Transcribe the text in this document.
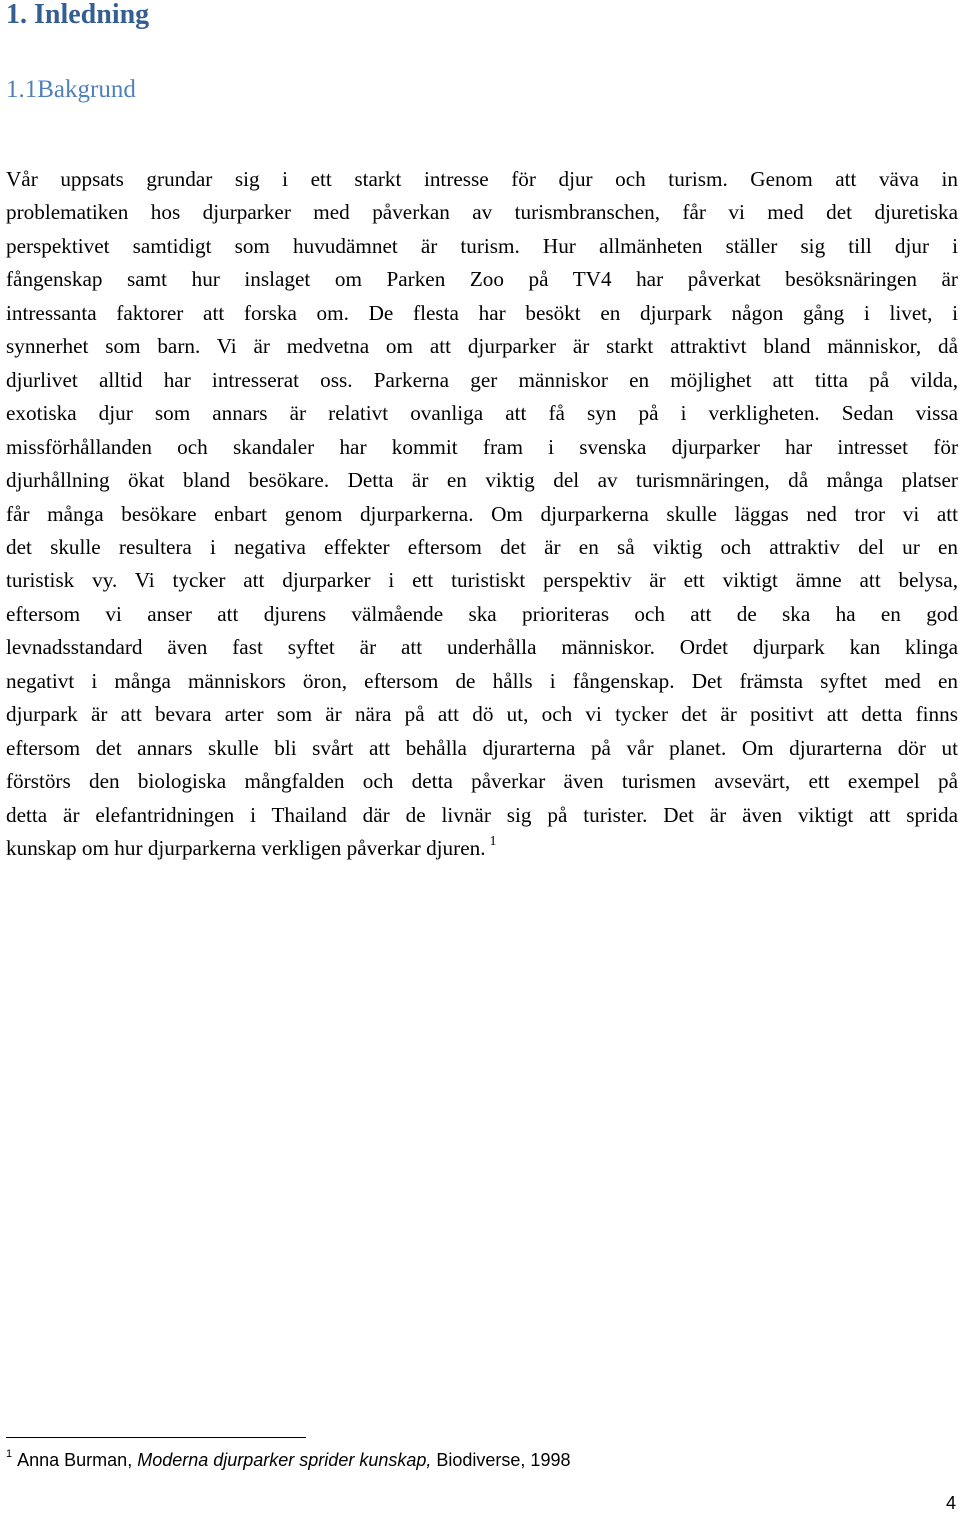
1. Inledning
1.1Bakgrund
Vår uppsats grundar sig i ett starkt intresse för djur och turism. Genom att väva in
problematiken hos djurparker med påverkan av turismbranschen, får vi med det djuretiska
perspektivet samtidigt som huvudämnet är turism. Hur allmänheten ställer sig till djur i
fångenskap samt hur inslaget om Parken Zoo på TV4 har påverkat besöksnäringen är
intressanta faktorer att forska om. De flesta har besökt en djurpark någon gång i livet, i
synnerhet som barn. Vi är medvetna om att djurparker är starkt attraktivt bland människor, då
djurlivet alltid har intresserat oss. Parkerna ger människor en möjlighet att titta på vilda,
exotiska djur som annars är relativt ovanliga att få syn på i verkligheten. Sedan vissa
missförhållanden och skandaler har kommit fram i svenska djurparker har intresset för
djurhållning ökat bland besökare. Detta är en viktig del av turismnäringen, då många platser
får många besökare enbart genom djurparkerna. Om djurparkerna skulle läggas ned tror vi att
det skulle resultera i negativa effekter eftersom det är en så viktig och attraktiv del ur en
turistisk vy. Vi tycker att djurparker i ett turistiskt perspektiv är ett viktigt ämne att belysa,
eftersom vi anser att djurens välmående ska prioriteras och att de ska ha en god
levnadsstandard även fast syftet är att underhålla människor. Ordet djurpark kan klinga
negativt i många människors öron, eftersom de hålls i fångenskap. Det främsta syftet med en
djurpark är att bevara arter som är nära på att dö ut, och vi tycker det är positivt att detta finns
eftersom det annars skulle bli svårt att behålla djurarterna på vår planet. Om djurarterna dör ut
förstörs den biologiska mångfalden och detta påverkar även turismen avsevärt, ett exempel på
detta är elefantridningen i Thailand där de livnär sig på turister. Det är även viktigt att sprida
kunskap om hur djurparkerna verkligen påverkar djuren. $^1$

$^1$ Anna Burman, Moderna djurparker sprider kunskap, Biodiverse, 1998

4
